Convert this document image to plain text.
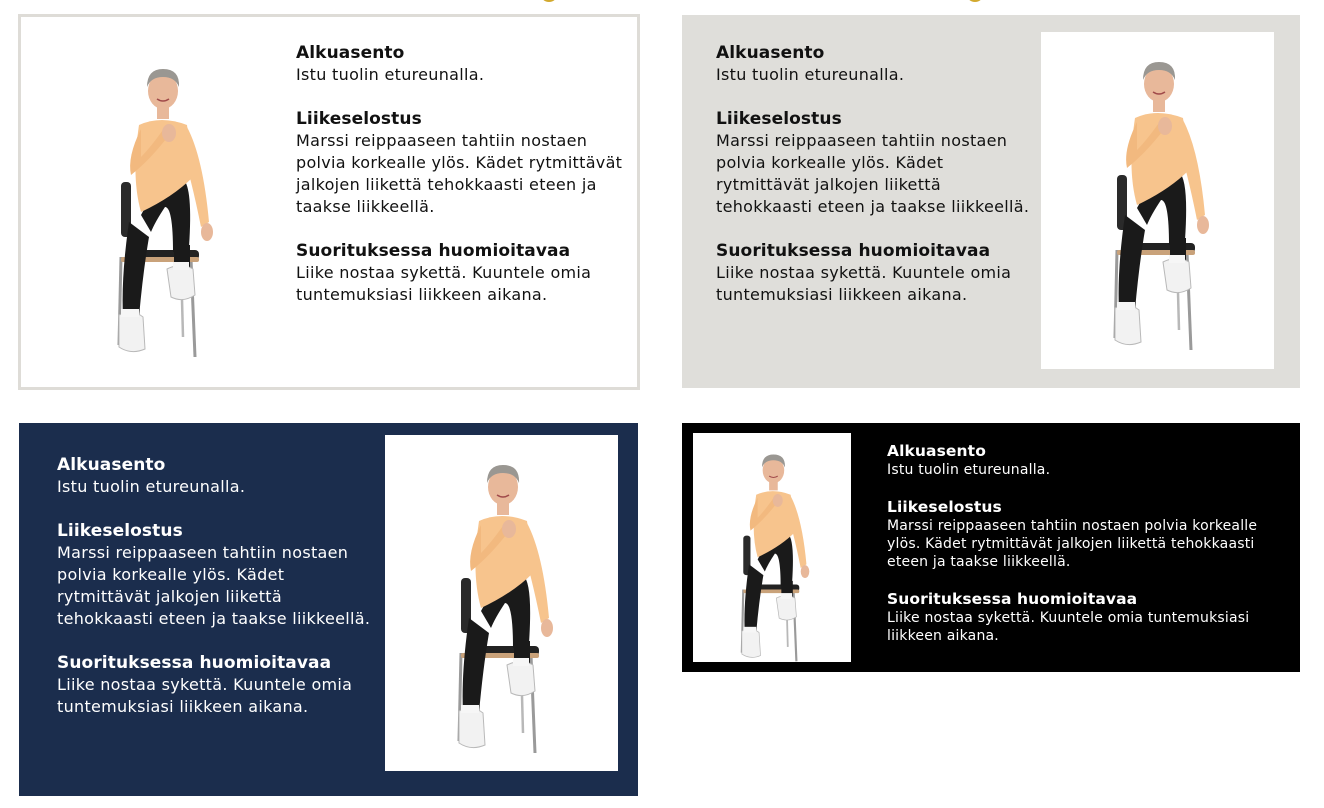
Alkuasento

Istu tuolin etureunalla.

Liikeselostus

Marssi reippaaseen tahtiin nostaen polvia korkealle ylös. Kädet rytmittävät jalkojen liikettä tehokkaasti eteen ja taakse liikkeellä.

Suorituksessa huomioitavaa

Liike nostaa sykettä. Kuuntele omia tuntemuksiasi liikkeen aikana.

Alkuasento

Istu tuolin etureunalla.

Liikeselostus

Marssi reippaaseen tahtiin nostaen polvia korkealle ylös. Kädet rytmittävät jalkojen liikettä tehokkaasti eteen ja taakse liikkeellä.

Suorituksessa huomioitavaa

Liike nostaa sykettä. Kuuntele omia tuntemuksiasi liikkeen aikana.

Alkuasento

Istu tuolin etureunalla.

Liikeselostus

Marssi reippaaseen tahtiin nostaen polvia korkealle ylös. Kädet rytmittävät jalkojen liikettä tehokkaasti eteen ja taakse liikkeellä.

Suorituksessa huomioitavaa

Liike nostaa sykettä. Kuuntele omia tuntemuksiasi liikkeen aikana.

Alkuasento

Istu tuolin etureunalla.

Liikeselostus

Marssi reippaaseen tahtiin nostaen polvia korkealle ylös. Kädet rytmittävät jalkojen liikettä tehokkaasti eteen ja taakse liikkeellä.

Suorituksessa huomioitavaa

Liike nostaa sykettä. Kuuntele omia tuntemuksiasi liikkeen aikana.
